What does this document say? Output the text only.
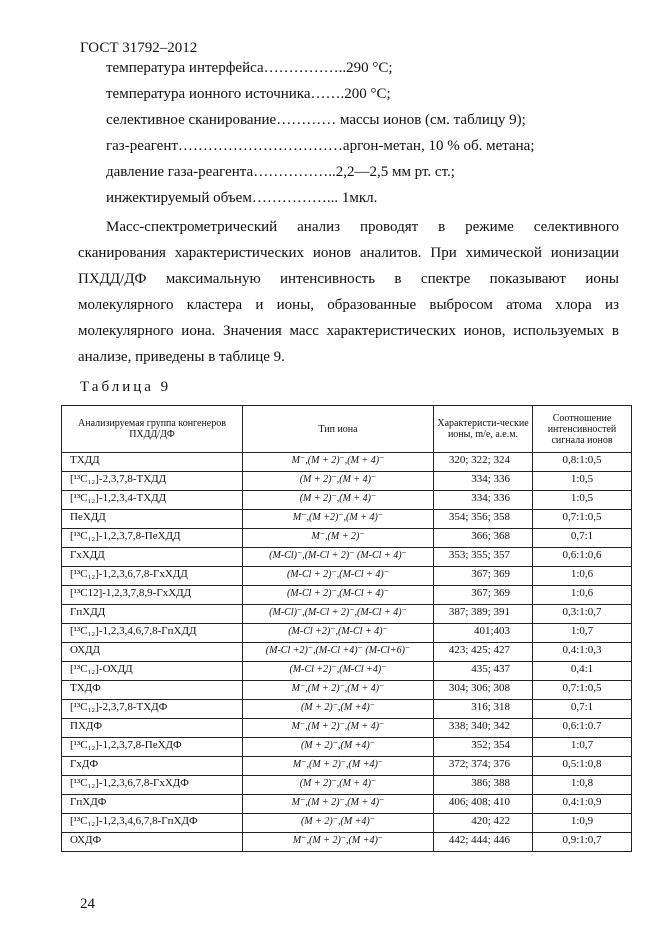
ГОСТ 31792–2012
температура интерфейса……………..290 °С;
температура ионного источника…….200 °С;
селективное сканирование………… массы ионов (см. таблицу 9);
газ-реагент……………………………аргон-метан, 10 % об. метана;
давление газа-реагента……………..2,2—2,5 мм рт. ст.;
инжектируемый объем……………... 1мкл.
Масс-спектрометрический анализ проводят в режиме селективного сканирования характеристических ионов аналитов. При химической ионизации ПХДД/ДФ максимальную интенсивность в спектре показывают ионы молекулярного кластера и ионы, образованные выбросом атома хлора из молекулярного иона. Значения масс характеристических ионов, используемых в анализе, приведены в таблице 9.
Таблица 9
Анализируемая группа конгенеров ПХДД/ДФ	Тип иона	Характеристи-ческие ионы, m/e, а.е.м.	Соотношение интенсивностей сигнала ионов
ТХДД	M⁻,(M + 2)⁻,(M + 4)⁻	320; 322; 324	0,8:1:0,5
[¹³C₁₂]-2,3,7,8-ТХДД	(M + 2)⁻,(M + 4)⁻	334; 336	1:0,5
[¹³C₁₂]-1,2,3,4-ТХДД	(M + 2)⁻,(M + 4)⁻	334; 336	1:0,5
ПеХДД	M⁻,(M +2)⁻,(M + 4)⁻	354; 356; 358	0,7:1:0,5
[¹³C₁₂]-1,2,3,7,8-ПеХДД	M⁻,(M + 2)⁻	366; 368	0,7:1
ГхХДД	(M-Cl)⁻,(M-Cl + 2)⁻ (M-Cl + 4)⁻	353; 355; 357	0,6:1:0,6
[¹³C₁₂]-1,2,3,6,7,8-ГхХДД	(M-Cl + 2)⁻,(M-Cl + 4)⁻	367; 369	1:0,6
[¹³C12]-1,2,3,7,8,9-ГхХДД	(M-Cl + 2)⁻,(M-Cl + 4)⁻	367; 369	1:0,6
ГпХДД	(M-Cl)⁻,(M-Cl + 2)⁻,(M-Cl + 4)⁻	387; 389; 391	0,3:1:0,7
[¹³C₁₂]-1,2,3,4,6,7,8-ГпХДД	(M-Cl +2)⁻,(M-Cl + 4)⁻	401;403	1:0,7
ОХДД	(M-Cl +2)⁻,(M-Cl +4)⁻ (M-Cl+6)⁻	423; 425; 427	0,4:1:0,3
[¹³C₁₂]-ОХДД	(M-Cl +2)⁻,(M-Cl +4)⁻	435; 437	0,4:1
ТХДФ	M⁻,(M + 2)⁻,(M + 4)⁻	304; 306; 308	0,7:1:0,5
[¹³C₁₂]-2,3,7,8-ТХДФ	(M + 2)⁻,(M +4)⁻	316; 318	0,7:1
ПХДФ	M⁻,(M + 2)⁻,(M + 4)⁻	338; 340; 342	0,6:1:0.7
[¹³C₁₂]-1,2,3,7,8-ПеХДФ	(M + 2)⁻,(M +4)⁻	352; 354	1:0,7
ГхДФ	M⁻,(M + 2)⁻,(M +4)⁻	372; 374; 376	0,5:1:0,8
[¹³C₁₂]-1,2,3,6,7,8-ГхХДФ	(M + 2)⁻,(M + 4)⁻	386; 388	1:0,8
ГпХДФ	M⁻,(M + 2)⁻,(M + 4)⁻	406; 408; 410	0,4:1:0,9
[¹³C₁₂]-1,2,3,4,6,7,8-ГпХДФ	(M + 2)⁻,(M +4)⁻	420; 422	1:0,9
ОХДФ	M⁻,(M + 2)⁻,(M +4)⁻	442; 444; 446	0,9:1:0,7
24
